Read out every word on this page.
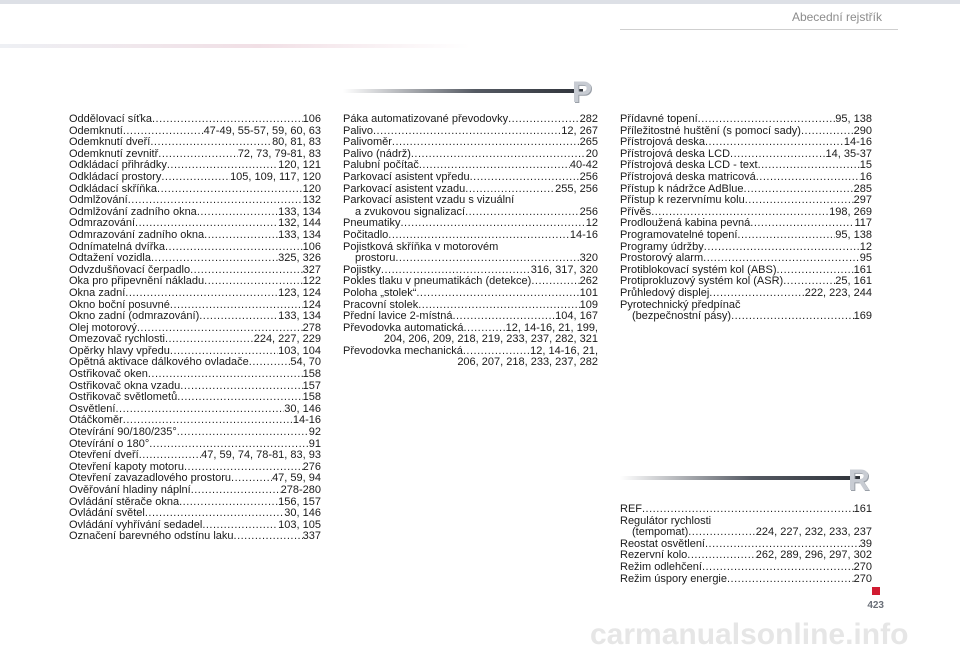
Abecední rejstřík
P
R
Oddělovací síťka .....	106
Odemknutí .....	47-49, 55-57, 59, 60, 63
Odemknutí dveří .....	80, 81, 83
Odemknutí zevnitř .....	72, 73, 79-81, 83
Odkládací přihrádky .....	120, 121
Odkládací prostory .....	105, 109, 117, 120
Odkládací skříňka .....	120
Odmlžování .....	132
Odmlžování zadního okna .....	133, 134
Odmrazování .....	132, 144
Odmrazování zadního okna .....	133, 134
Odnímatelná dvířka .....	106
Odtažení vozidla .....	325, 326
Odvzdušňovací čerpadlo .....	327
Oka pro připevnění nákladu .....	122
Okna zadní .....	123, 124
Okno boční posuvné .....	124
Okno zadní (odmrazování) .....	133, 134
Olej motorový .....	278
Omezovač rychlosti .....	224, 227, 229
Opěrky hlavy vpředu .....	103, 104
Opětná aktivace dálkového ovladače .....	54, 70
Ostřikovač oken .....	158
Ostřikovač okna vzadu .....	157
Ostřikovač světlometů .....	158
Osvětlení .....	30, 146
Otáčkoměr .....	14-16
Otevírání 90/180/235° .....	92
Otevírání o 180° .....	91
Otevření dveří .....	47, 59, 74, 78-81, 83, 93
Otevření kapoty motoru .....	276
Otevření zavazadlového prostoru .....	47, 59, 94
Ověřování hladiny náplní .....	278-280
Ovládání stěrače okna .....	156, 157
Ovládání světel .....	30, 146
Ovládání vyhřívání sedadel .....	103, 105
Označení barevného odstínu laku .....	337
Páka automatizované převodovky .....	282
Palivo .....	12, 267
Palivoměr .....	265
Palivo (nádrž) .....	20
Palubní počítač .....	40-42
Parkovací asistent vpředu .....	256
Parkovací asistent vzadu .....	255, 256
Parkovací asistent vzadu s vizuální
a zvukovou signalizací .....	256
Pneumatiky .....	12
Počitadlo .....	14-16
Pojistková skříňka v motorovém
prostoru .....	320
Pojistky .....	316, 317, 320
Pokles tlaku v pneumatikách (detekce) .....	262
Poloha „stolek“ .....	101
Pracovní stolek .....	109
Přední lavice 2-místná .....	104, 167
Převodovka automatická .....	12, 14-16, 21, 199,
204, 206, 209, 218, 219, 233, 237, 282, 321
Převodovka mechanická .....	12, 14-16, 21,
206, 207, 218, 233, 237, 282
Přídavné topení .....	95, 138
Příležitostné huštění (s pomocí sady) .....	290
Přístrojová deska .....	14-16
Přístrojová deska LCD .....	14, 35-37
Přístrojová deska LCD - text .....	15
Přístrojová deska matricová .....	16
Přístup k nádržce AdBlue .....	285
Přístup k rezervnímu kolu .....	297
Přívěs .....	198, 269
Prodloužená kabina pevná .....	117
Programovatelné topení .....	95, 138
Programy údržby .....	12
Prostorový alarm .....	95
Protiblokovací systém kol (ABS) .....	161
Protiprokluzový systém kol (ASR) .....	25, 161
Průhledový displej .....	222, 223, 244
Pyrotechnický předpínač
(bezpečnostní pásy) .....	169
REF .....	161
Regulátor rychlosti
(tempomat) .....	224, 227, 232, 233, 237
Reostat osvětlení .....	39
Rezervní kolo .....	262, 289, 296, 297, 302
Režim odlehčení .....	270
Režim úspory energie .....	270
423
carmanualsonline.info
